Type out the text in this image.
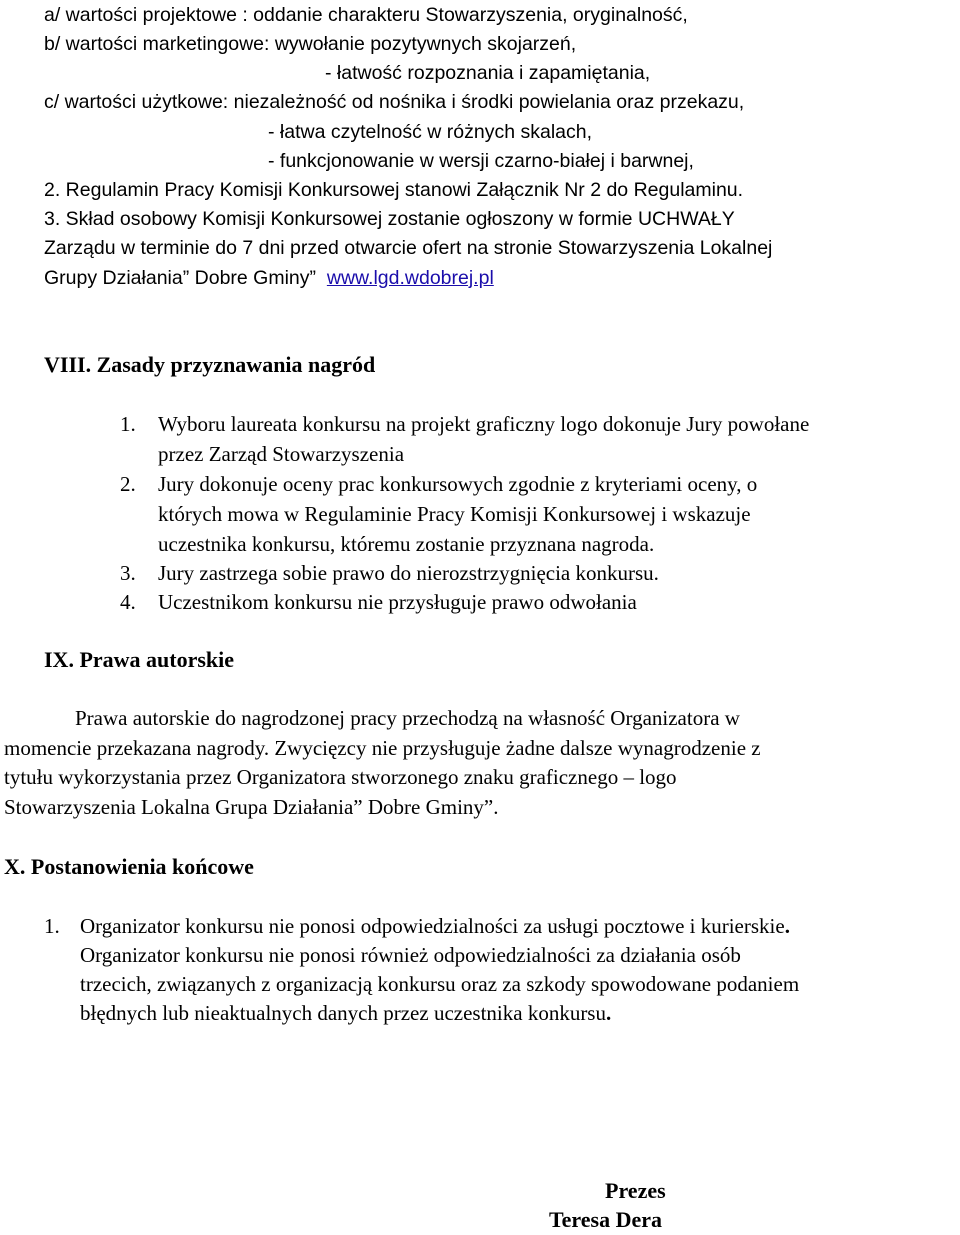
a/ wartości projektowe : oddanie charakteru Stowarzyszenia, oryginalność,
b/ wartości marketingowe: wywołanie pozytywnych skojarzeń,
- łatwość rozpoznania i zapamiętania,
c/ wartości użytkowe: niezależność od nośnika i środki powielania oraz przekazu,
- łatwa czytelność w różnych skalach,
- funkcjonowanie w wersji czarno-białej i barwnej,
2. Regulamin Pracy Komisji Konkursowej stanowi Załącznik Nr 2 do Regulaminu.
3. Skład osobowy Komisji Konkursowej zostanie ogłoszony w formie UCHWAŁY
Zarządu w terminie do 7 dni przed otwarcie ofert na stronie Stowarzyszenia Lokalnej
Grupy Działania” Dobre Gminy” www.lgd.wdobrej.pl
VIII. Zasady przyznawania nagród
1. Wyboru laureata konkursu na projekt graficzny logo dokonuje Jury powołane
przez Zarząd Stowarzyszenia
2. Jury dokonuje oceny prac konkursowych zgodnie z kryteriami oceny, o
których mowa w Regulaminie Pracy Komisji Konkursowej i wskazuje
uczestnika konkursu, któremu zostanie przyznana nagroda.
3. Jury zastrzega sobie prawo do nierozstrzygnięcia konkursu.
4. Uczestnikom konkursu nie przysługuje prawo odwołania
IX. Prawa autorskie
Prawa autorskie do nagrodzonej pracy przechodzą na własność Organizatora w
momencie przekazana nagrody. Zwycięzcy nie przysługuje żadne dalsze wynagrodzenie z
tytułu wykorzystania przez Organizatora stworzonego znaku graficznego – logo
Stowarzyszenia Lokalna Grupa Działania” Dobre Gminy”.
X. Postanowienia końcowe
1. Organizator konkursu nie ponosi odpowiedzialności za usługi pocztowe i kurierskie.
Organizator konkursu nie ponosi również odpowiedzialności za działania osób
trzecich, związanych z organizacją konkursu oraz za szkody spowodowane podaniem
błędnych lub nieaktualnych danych przez uczestnika konkursu.
Prezes
Teresa Dera
